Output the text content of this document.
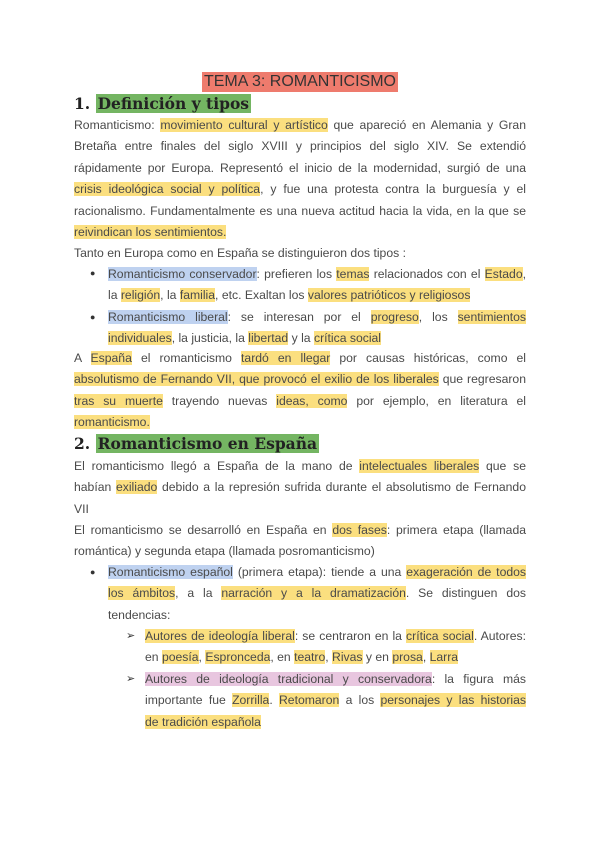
TEMA 3: ROMANTICISMO
1. Definición y tipos
Romanticismo: movimiento cultural y artístico que apareció en Alemania y Gran
Bretaña entre finales del siglo XVIII y principios del siglo XIV. Se extendió
rápidamente por Europa. Representó el inicio de la modernidad, surgió de una
crisis ideológica social y política, y fue una protesta contra la burguesía y el
racionalismo. Fundamentalmente es una nueva actitud hacia la vida, en la que se
reivindican los sentimientos.
Tanto en Europa como en España se distinguieron dos tipos :
● Romanticismo conservador: prefieren los temas relacionados con el Estado,
la religión, la familia, etc. Exaltan los valores patrióticos y religiosos
● Romanticismo liberal: se interesan por el progreso, los sentimientos
individuales, la justicia, la libertad y la crítica social
A España el romanticismo tardó en llegar por causas históricas, como el
absolutismo de Fernando VII, que provocó el exilio de los liberales que regresaron
tras su muerte trayendo nuevas ideas, como por ejemplo, en literatura el
romanticismo.
2. Romanticismo en España
El romanticismo llegó a España de la mano de intelectuales liberales que se
habían exiliado debido a la represión sufrida durante el absolutismo de Fernando
VII
El romanticismo se desarrolló en España en dos fases: primera etapa (llamada
romántica) y segunda etapa (llamada posromanticismo)
● Romanticismo español (primera etapa): tiende a una exageración de todos
los ámbitos, a la narración y a la dramatización. Se distinguen dos
tendencias:
➢ Autores de ideología liberal: se centraron en la crítica social. Autores:
en poesía, Espronceda, en teatro, Rivas y en prosa, Larra
➢ Autores de ideología tradicional y conservadora: la figura más
importante fue Zorrilla. Retomaron a los personajes y las historias
de tradición española
